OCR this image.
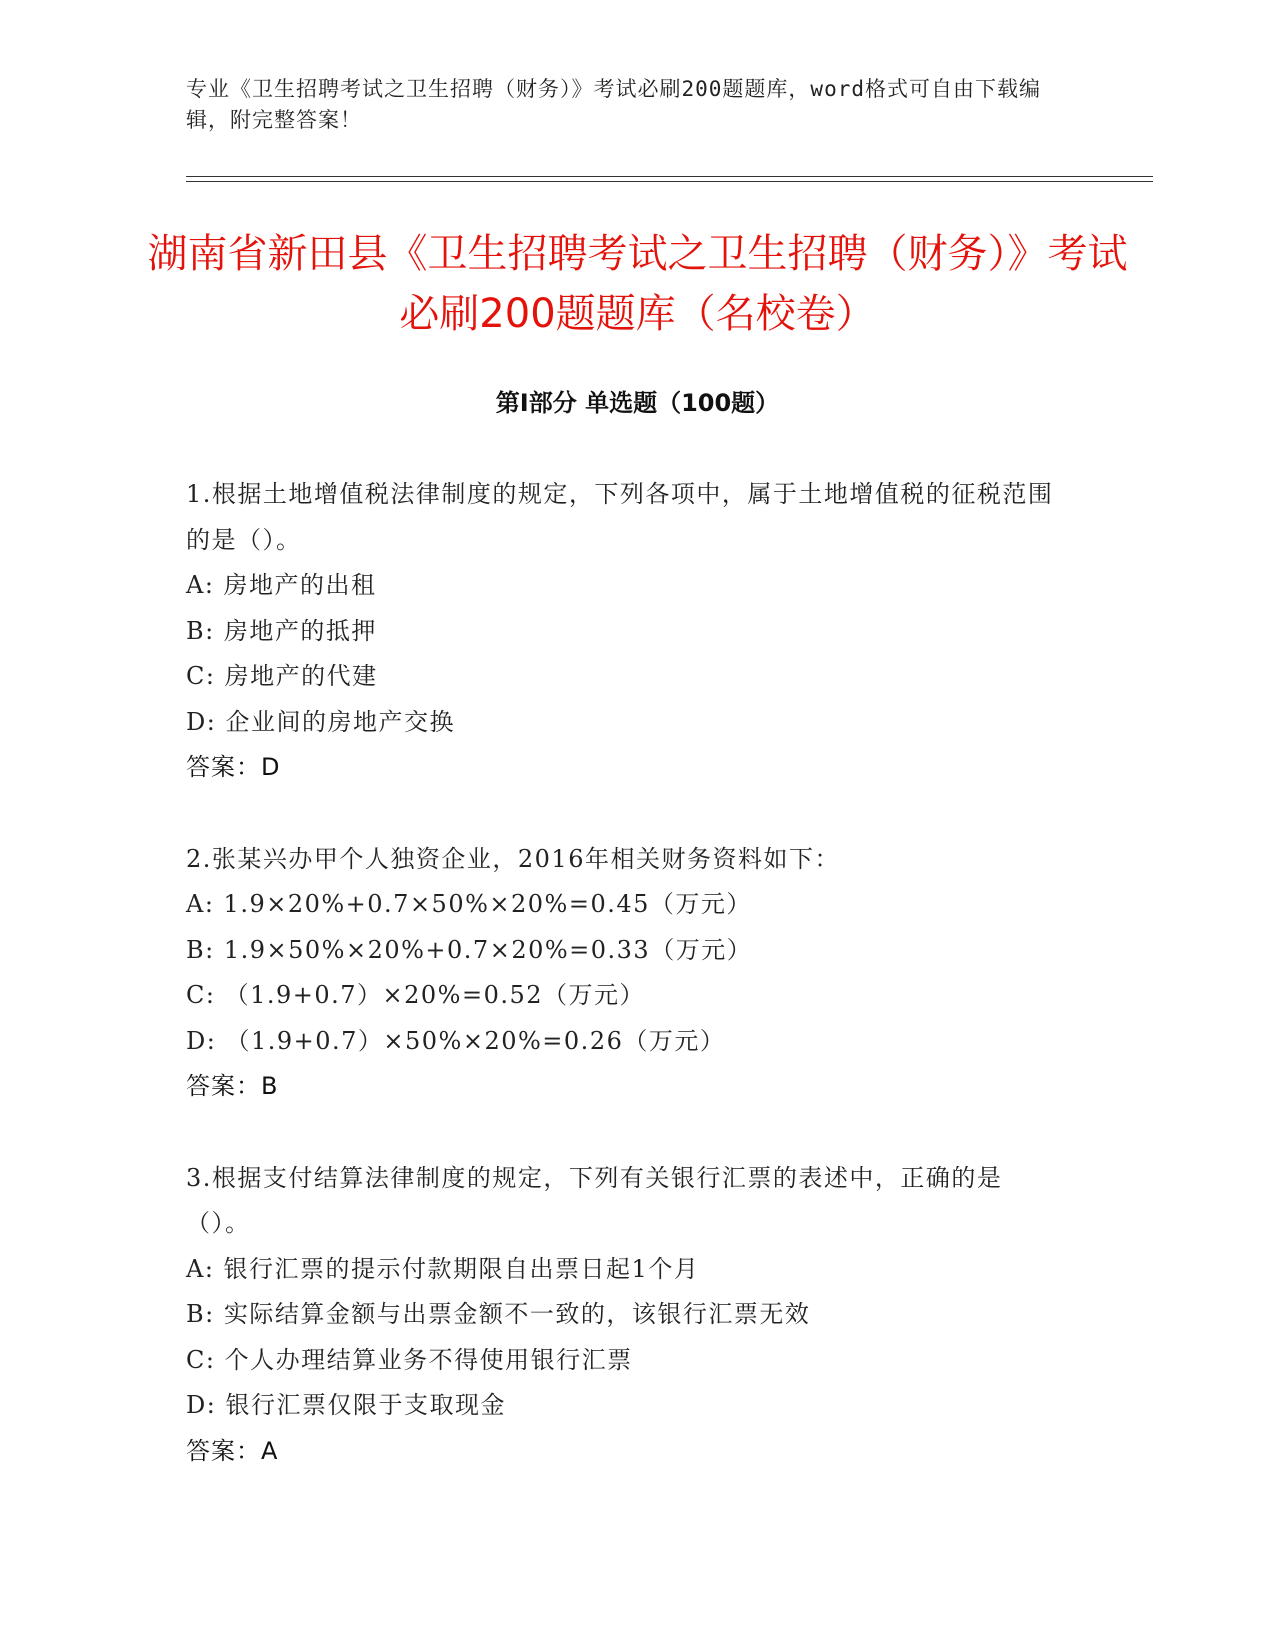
专业《卫生招聘考试之卫生招聘（财务）》考试必刷200题题库，word格式可自由下载编辑，附完整答案！
湖南省新田县《卫生招聘考试之卫生招聘（财务）》考试必刷200题题库（名校卷）
第I部分 单选题（100题）

1.根据土地增值税法律制度的规定，下列各项中，属于土地增值税的征税范围的是（）。

A: 房地产的出租

B: 房地产的抵押

C: 房地产的代建

D: 企业间的房地产交换

答案：D

2.张某兴办甲个人独资企业，2016年相关财务资料如下：

A: 1.9×20%+0.7×50%×20%=0.45（万元）

B: 1.9×50%×20%+0.7×20%=0.33（万元）

C: （1.9+0.7）×20%=0.52（万元）

D: （1.9+0.7）×50%×20%=0.26（万元）

答案：B

3.根据支付结算法律制度的规定，下列有关银行汇票的表述中，正确的是（）。

A: 银行汇票的提示付款期限自出票日起1个月

B: 实际结算金额与出票金额不一致的，该银行汇票无效

C: 个人办理结算业务不得使用银行汇票

D: 银行汇票仅限于支取现金

答案：A
